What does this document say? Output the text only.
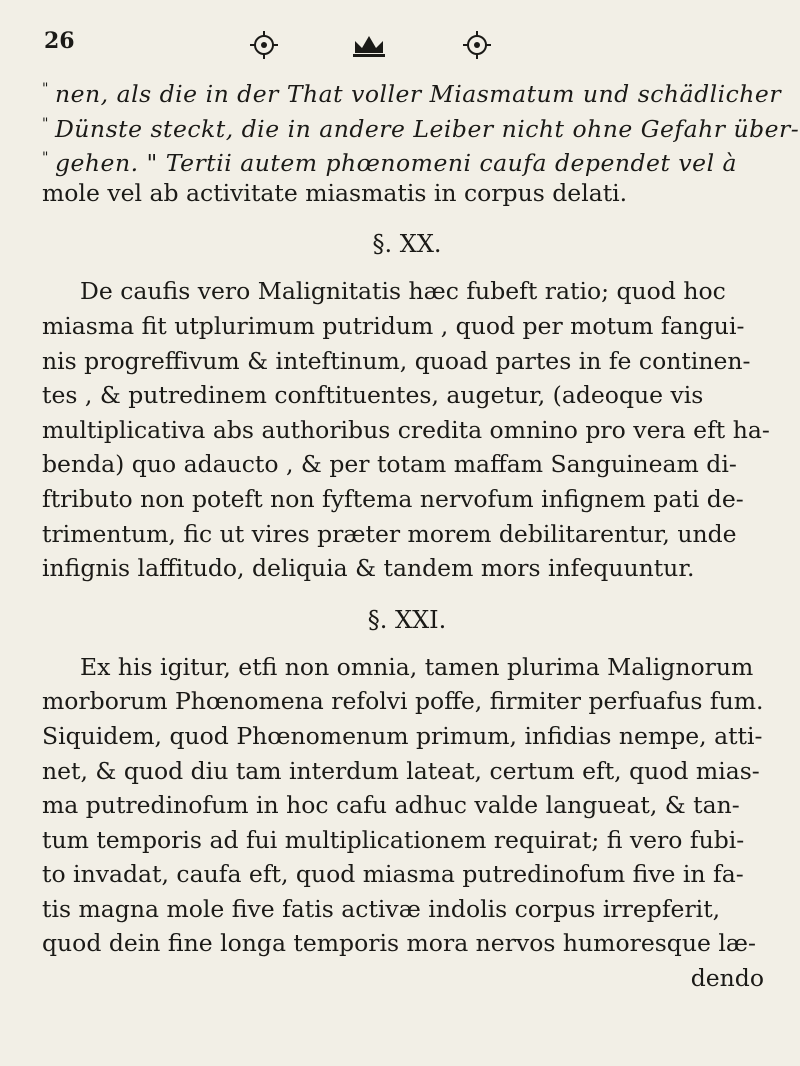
26
" nen, als die in der That voller Miasmatum und schädlicher
" Dünste steckt, die in andere Leiber nicht ohne Gefahr über-
" gehen. " Tertii autem phœnomeni caufa dependet vel à
mole vel ab activitate miasmatis in corpus delati.
§. XX.
De caufis vero Malignitatis hæc fubeft ratio; quod hoc
miasma fit utplurimum putridum , quod per motum fangui-
nis progreffivum & inteftinum, quoad partes in fe continen-
tes , & putredinem conftituentes, augetur, (adeoque vis
multiplicativa abs authoribus credita omnino pro vera eft ha-
benda) quo adaucto , & per totam maffam Sanguineam di-
ftributo non poteft non fyftema nervofum infignem pati de-
trimentum, fic ut vires præter morem debilitarentur, unde
infignis laffitudo, deliquia & tandem mors infequuntur.
§. XXI.
Ex his igitur, etfi non omnia, tamen plurima Malignorum
morborum Phœnomena refolvi poffe, firmiter perfuafus fum.
Siquidem, quod Phœnomenum primum, infidias nempe, atti-
net, & quod diu tam interdum lateat, certum eft, quod mias-
ma putredinofum in hoc cafu adhuc valde langueat, & tan-
tum temporis ad fui multiplicationem requirat; fi vero fubi-
to invadat, caufa eft, quod miasma putredinofum five in fa-
tis magna mole five fatis activæ indolis corpus irrepferit,
quod dein fine longa temporis mora nervos humoresque læ-
dendo
